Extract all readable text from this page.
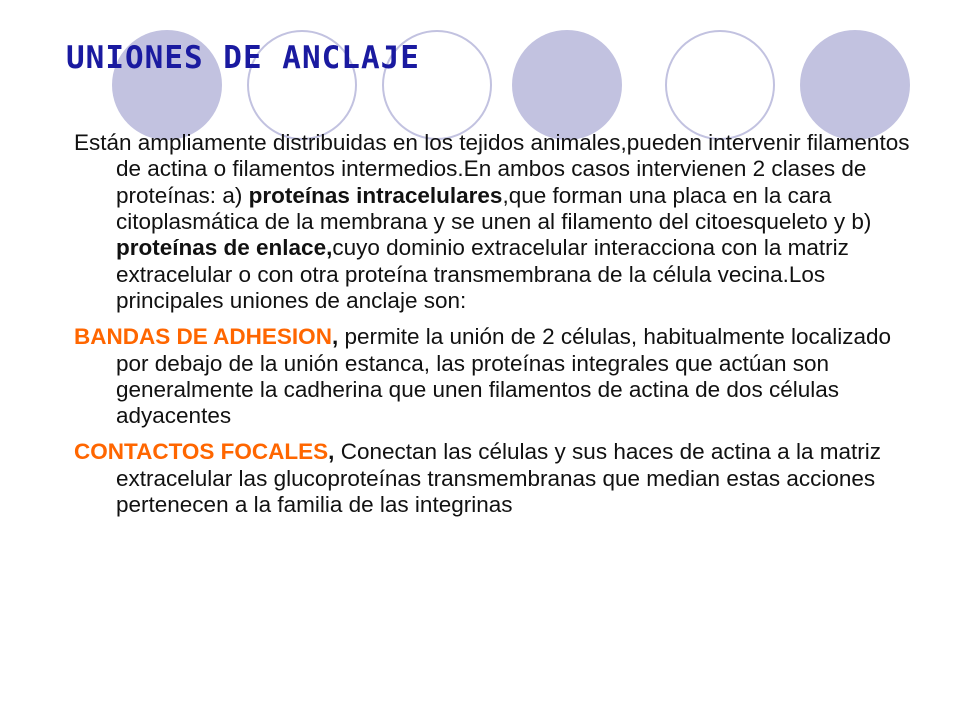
UNIONES DE ANCLAJE

Están ampliamente distribuidas en los tejidos animales,pueden intervenir filamentos de actina o filamentos intermedios.En ambos casos intervienen 2 clases de proteínas: a) proteínas intracelulares,que forman una placa en la cara citoplasmática de la membrana y se unen al filamento del citoesqueleto y b) proteínas de enlace,cuyo dominio extracelular interacciona con la matriz extracelular o con otra proteína transmembrana de la célula vecina.Los principales uniones de anclaje son:

BANDAS DE ADHESION, permite la unión de 2 células, habitualmente localizado por debajo de la unión estanca, las proteínas integrales que actúan son generalmente la cadherina que unen filamentos de actina de dos células adyacentes

CONTACTOS FOCALES, Conectan las células y sus haces de actina a la matriz extracelular las glucoproteínas transmembranas que median estas acciones pertenecen a la familia de las integrinas
